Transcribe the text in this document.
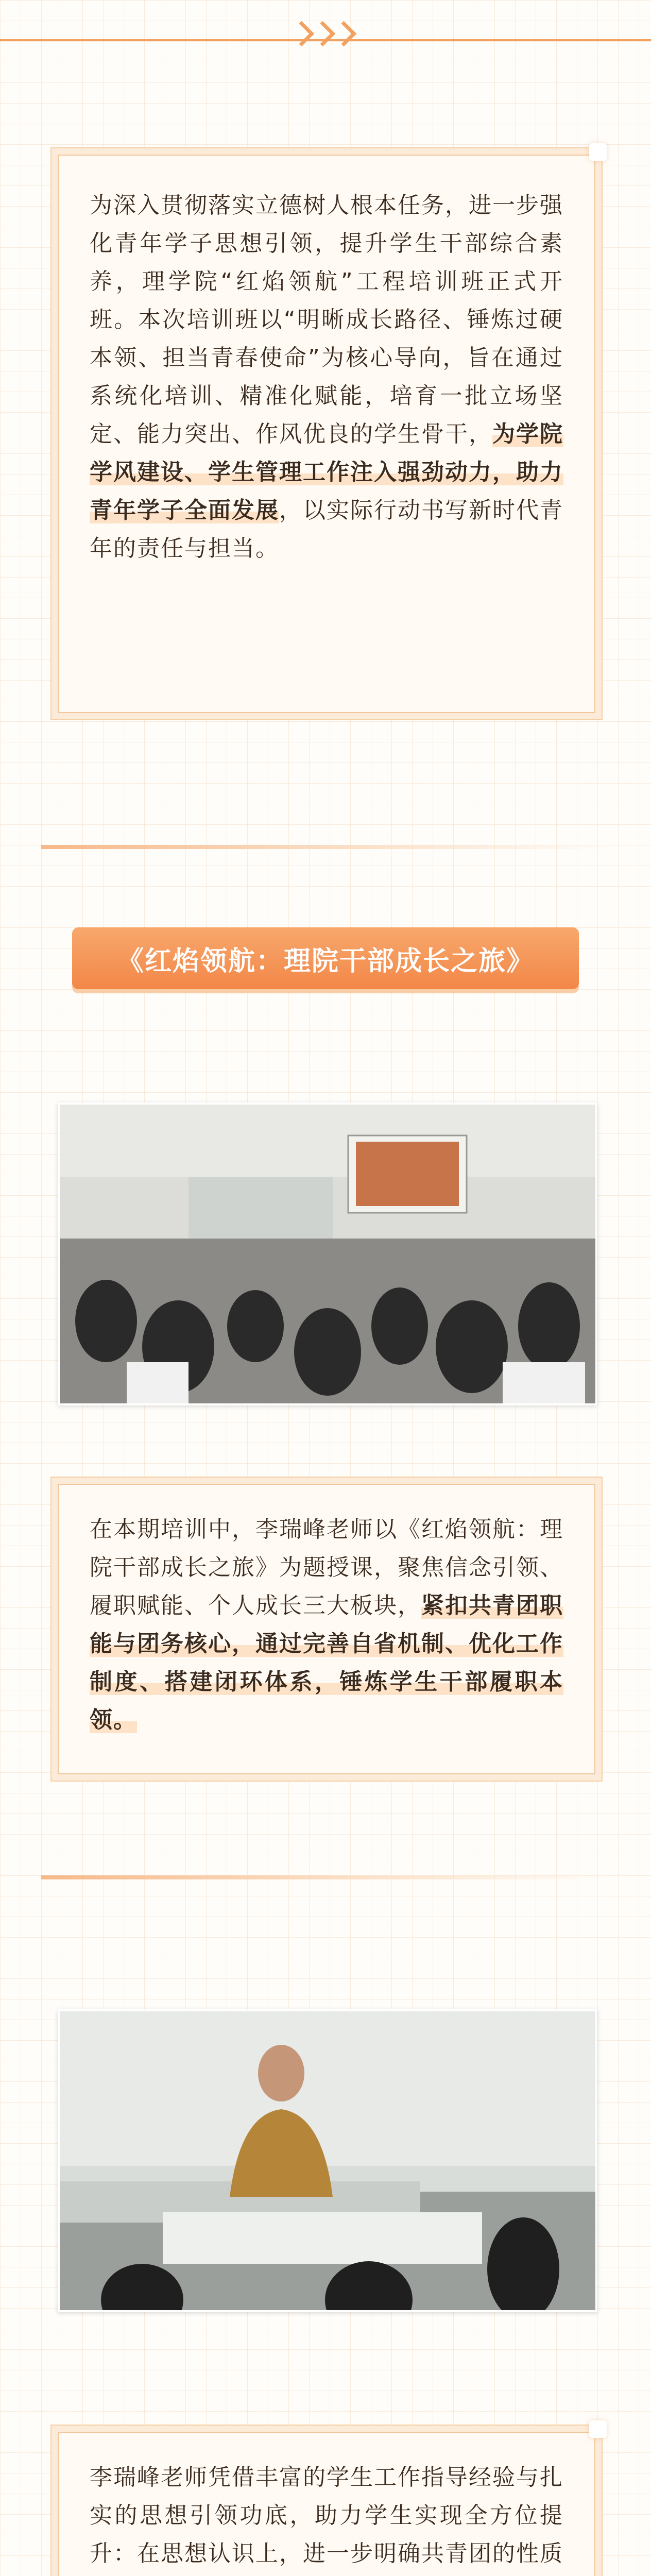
为深入贯彻落实立德树人根本任务，进一步强化青年学子思想引领，提升学生干部综合素养，理学院“红焰领航”工程培训班正式开班。本次培训班以“明晰成长路径、锤炼过硬本领、担当青春使命”为核心导向，旨在通过系统化培训、精准化赋能，培育一批立场坚定、能力突出、作风优良的学生骨干，为学院学风建设、学生管理工作注入强劲动力，助力青年学子全面发展，以实际行动书写新时代青年的责任与担当。

《红焰领航：理院干部成长之旅》

在本期培训中，李瑞峰老师以《红焰领航：理院干部成长之旅》为题授课，聚焦信念引领、履职赋能、个人成长三大板块，紧扣共青团职能与团务核心，通过完善自省机制、优化工作制度、搭建闭环体系，锤炼学生干部履职本领。

李瑞峰老师凭借丰富的学生工作指导经验与扎实的思想引领功底，助力学生实现全方位提升：在思想认识上，进一步明确共青团的性质
